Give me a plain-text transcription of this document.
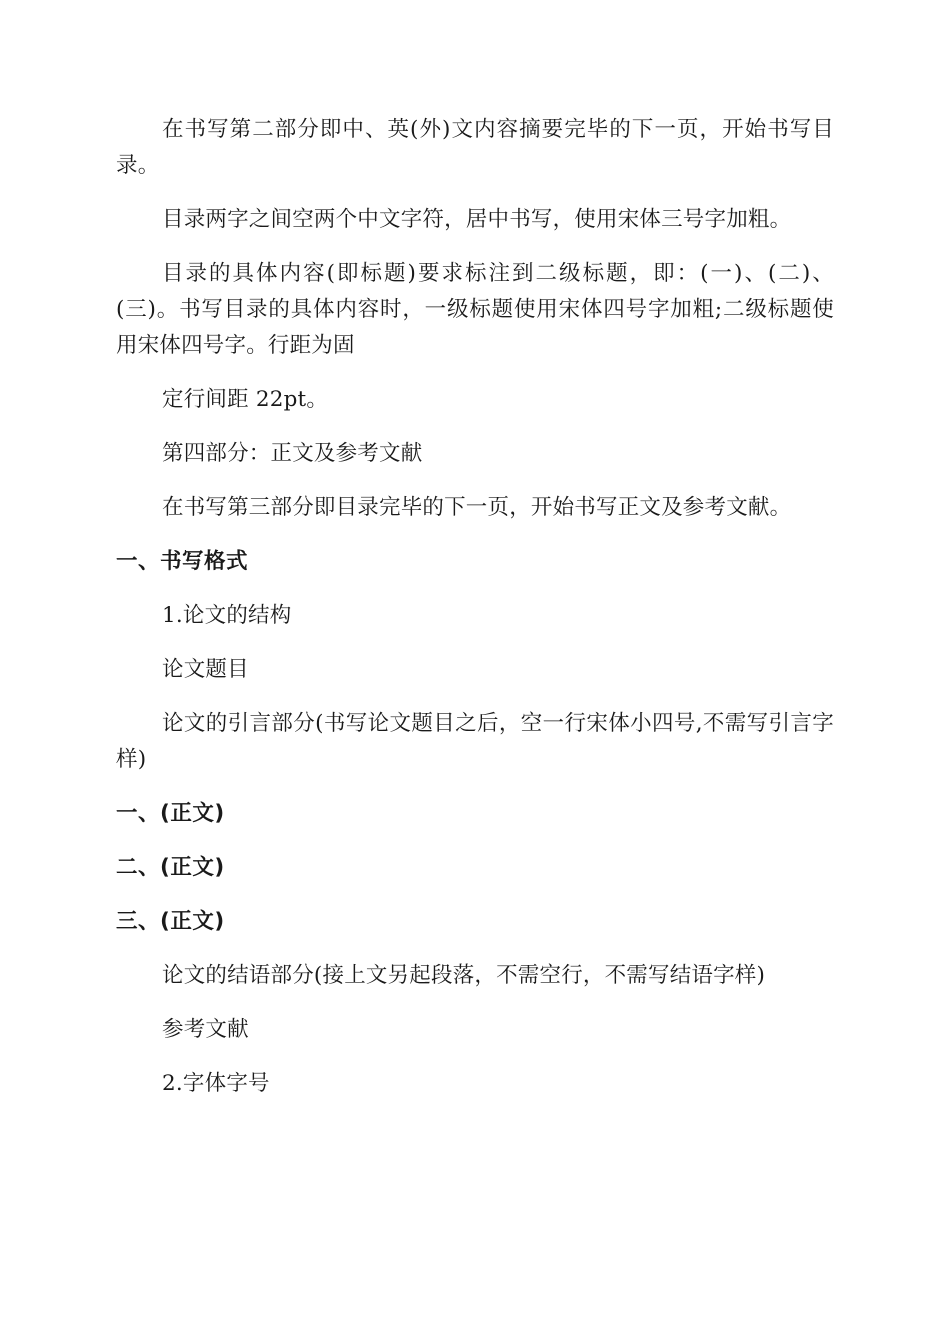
在书写第二部分即中、英(外)文内容摘要完毕的下一页，开始书写目录。

目录两字之间空两个中文字符，居中书写，使用宋体三号字加粗。

目录的具体内容(即标题)要求标注到二级标题，即：(一)、(二)、(三)。书写目录的具体内容时，一级标题使用宋体四号字加粗;二级标题使用宋体四号字。行距为固

定行间距 22pt。

第四部分：正文及参考文献

在书写第三部分即目录完毕的下一页，开始书写正文及参考文献。

一、书写格式

1.论文的结构

论文题目

论文的引言部分(书写论文题目之后，空一行宋体小四号,不需写引言字样)

一、(正文)

二、(正文)

三、(正文)

论文的结语部分(接上文另起段落，不需空行，不需写结语字样)

参考文献

2.字体字号
